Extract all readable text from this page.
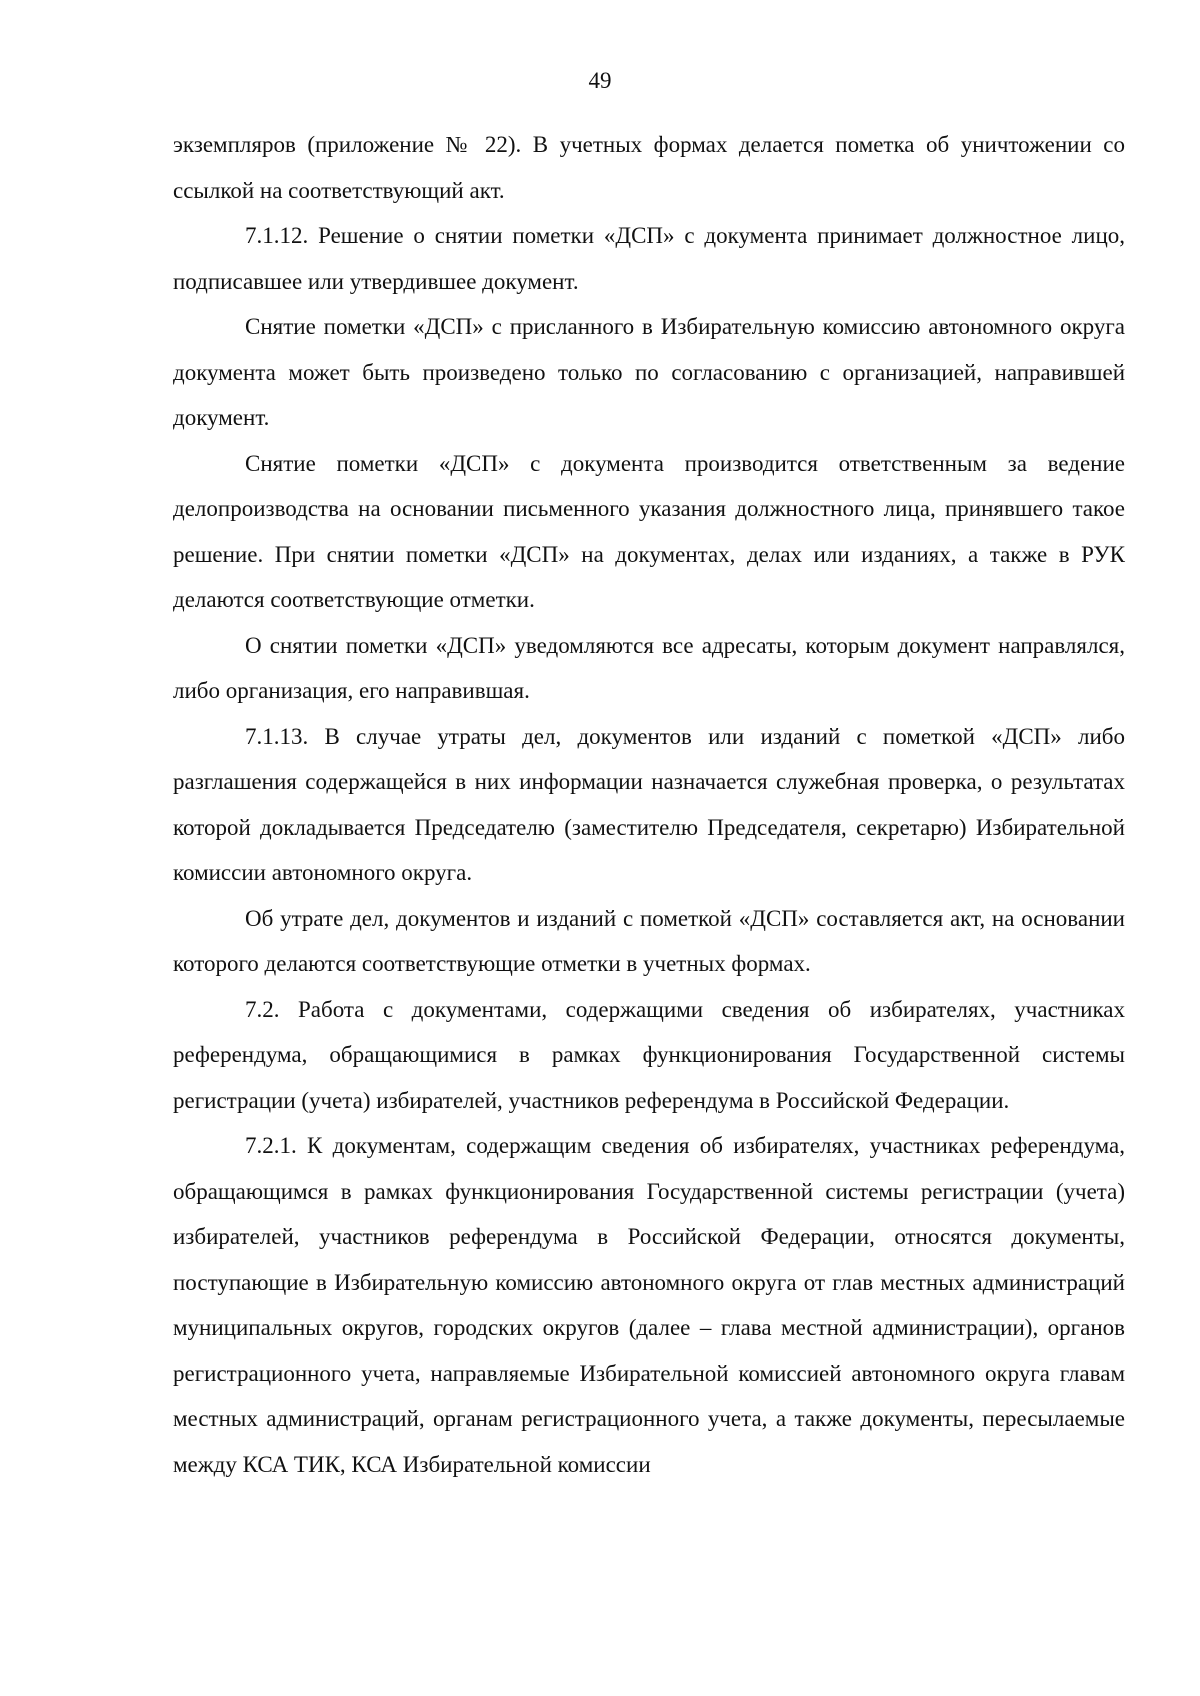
49

экземпляров (приложение № 22). В учетных формах делается пометка об уничтожении со ссылкой на соответствующий акт.

7.1.12. Решение о снятии пометки «ДСП» с документа принимает должностное лицо, подписавшее или утвердившее документ.

Снятие пометки «ДСП» с присланного в Избирательную комиссию автономного округа документа может быть произведено только по согласованию с организацией, направившей документ.

Снятие пометки «ДСП» с документа производится ответственным за ведение делопроизводства на основании письменного указания должностного лица, принявшего такое решение. При снятии пометки «ДСП» на документах, делах или изданиях, а также в РУК делаются соответствующие отметки.

О снятии пометки «ДСП» уведомляются все адресаты, которым документ направлялся, либо организация, его направившая.

7.1.13. В случае утраты дел, документов или изданий с пометкой «ДСП» либо разглашения содержащейся в них информации назначается служебная проверка, о результатах которой докладывается Председателю (заместителю Председателя, секретарю) Избирательной комиссии автономного округа.

Об утрате дел, документов и изданий с пометкой «ДСП» составляется акт, на основании которого делаются соответствующие отметки в учетных формах.

7.2. Работа с документами, содержащими сведения об избирателях, участниках референдума, обращающимися в рамках функционирования Государственной системы регистрации (учета) избирателей, участников референдума в Российской Федерации.

7.2.1. К документам, содержащим сведения об избирателях, участниках референдума, обращающимся в рамках функционирования Государственной системы регистрации (учета) избирателей, участников референдума в Российской Федерации, относятся документы, поступающие в Избирательную комиссию автономного округа от глав местных администраций муниципальных округов, городских округов (далее – глава местной администрации), органов регистрационного учета, направляемые Избирательной комиссией автономного округа главам местных администраций, органам регистрационного учета, а также документы, пересылаемые между КСА ТИК, КСА Избирательной комиссии
